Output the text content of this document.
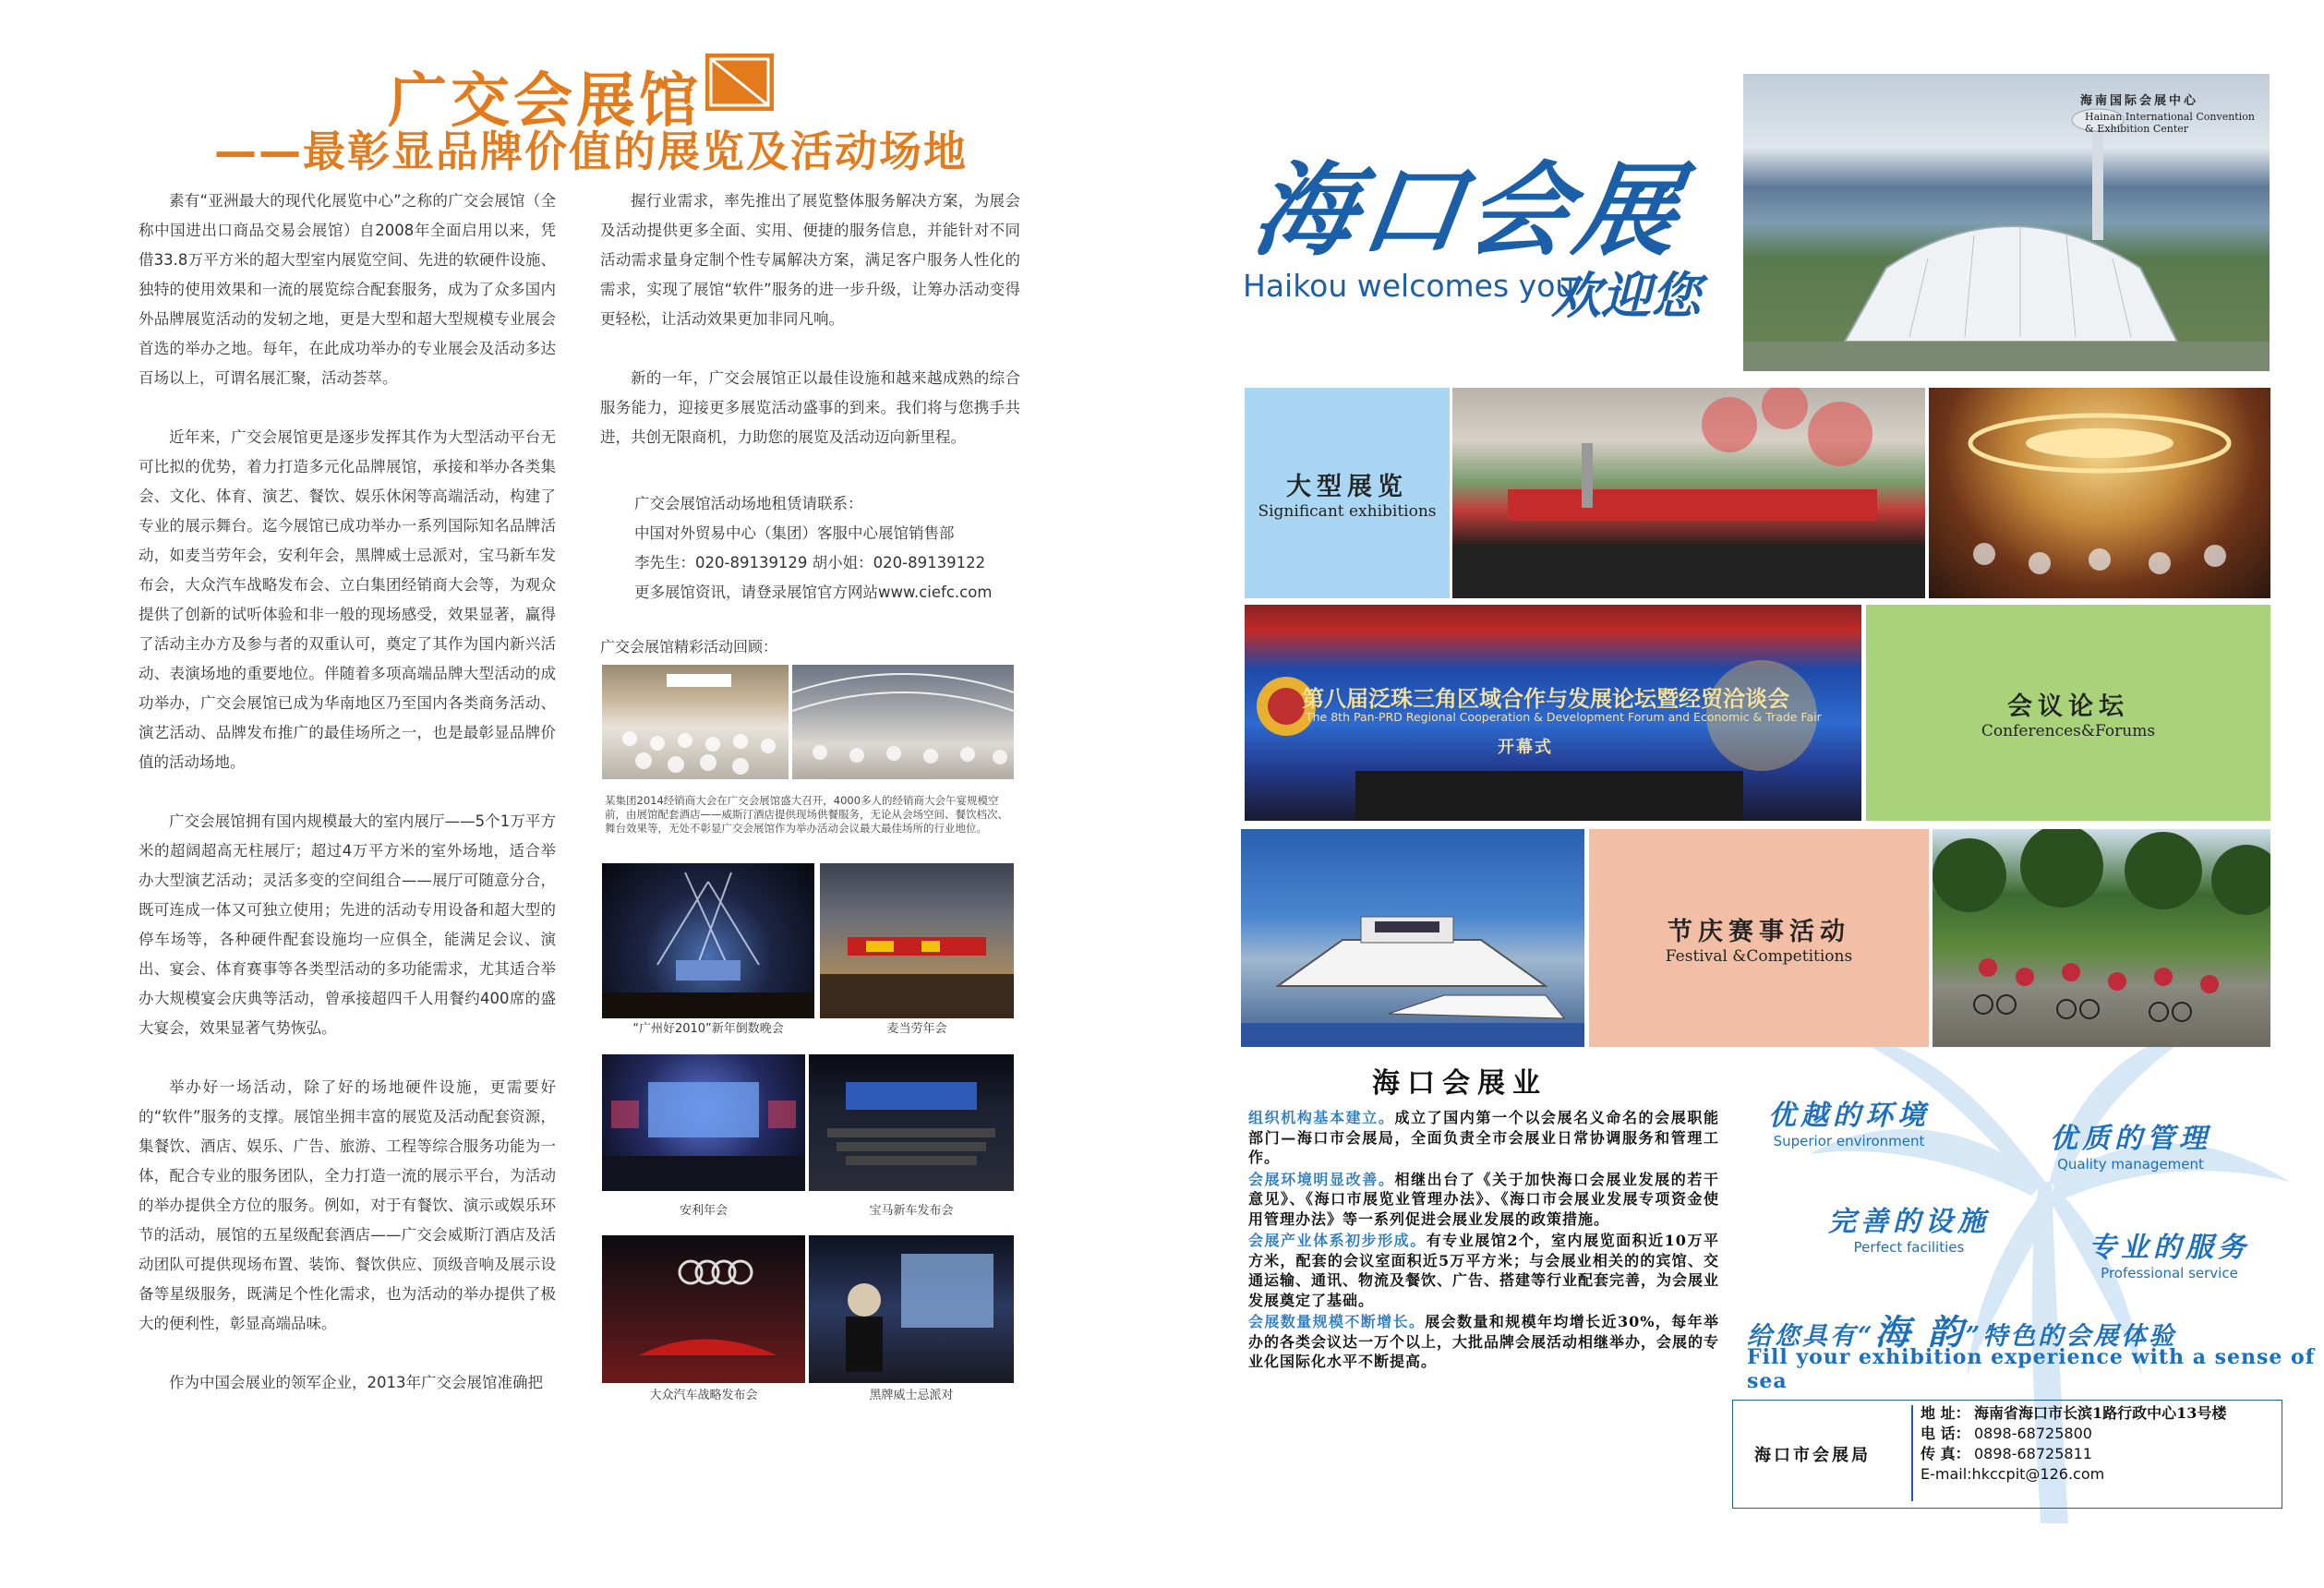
广交会展馆
——最彰显品牌价值的展览及活动场地

素有“亚洲最大的现代化展览中心”之称的广交会展馆（全称中国进出口商品交易会展馆）自2008年全面启用以来，凭借33.8万平方米的超大型室内展览空间、先进的软硬件设施、独特的使用效果和一流的展览综合配套服务，成为了众多国内外品牌展览活动的发轫之地，更是大型和超大型规模专业展会首选的举办之地。每年，在此成功举办的专业展会及活动多达百场以上，可谓名展汇聚，活动荟萃。

近年来，广交会展馆更是逐步发挥其作为大型活动平台无可比拟的优势，着力打造多元化品牌展馆，承接和举办各类集会、文化、体育、演艺、餐饮、娱乐休闲等高端活动，构建了专业的展示舞台。迄今展馆已成功举办一系列国际知名品牌活动，如麦当劳年会，安利年会，黑牌威士忌派对，宝马新车发布会，大众汽车战略发布会、立白集团经销商大会等，为观众提供了创新的试听体验和非一般的现场感受，效果显著，赢得了活动主办方及参与者的双重认可，奠定了其作为国内新兴活动、表演场地的重要地位。伴随着多项高端品牌大型活动的成功举办，广交会展馆已成为华南地区乃至国内各类商务活动、演艺活动、品牌发布推广的最佳场所之一，也是最彰显品牌价值的活动场地。

广交会展馆拥有国内规模最大的室内展厅——5个1万平方米的超阔超高无柱展厅；超过4万平方米的室外场地，适合举办大型演艺活动；灵活多变的空间组合——展厅可随意分合，既可连成一体又可独立使用；先进的活动专用设备和超大型的停车场等，各种硬件配套设施均一应俱全，能满足会议、演出、宴会、体育赛事等各类型活动的多功能需求，尤其适合举办大规模宴会庆典等活动，曾承接超四千人用餐约400席的盛大宴会，效果显著气势恢弘。

举办好一场活动，除了好的场地硬件设施，更需要好的“软件”服务的支撑。展馆坐拥丰富的展览及活动配套资源，集餐饮、酒店、娱乐、广告、旅游、工程等综合服务功能为一体，配合专业的服务团队，全力打造一流的展示平台，为活动的举办提供全方位的服务。例如，对于有餐饮、演示或娱乐环节的活动，展馆的五星级配套酒店——广交会威斯汀酒店及活动团队可提供现场布置、装饰、餐饮供应、顶级音响及展示设备等星级服务，既满足个性化需求，也为活动的举办提供了极大的便利性，彰显高端品味。

作为中国会展业的领军企业，2013年广交会展馆准确把

握行业需求，率先推出了展览整体服务解决方案，为展会及活动提供更多全面、实用、便捷的服务信息，并能针对不同活动需求量身定制个性专属解决方案，满足客户服务人性化的需求，实现了展馆“软件”服务的进一步升级，让筹办活动变得更轻松，让活动效果更加非同凡响。

新的一年，广交会展馆正以最佳设施和越来越成熟的综合服务能力，迎接更多展览活动盛事的到来。我们将与您携手共进，共创无限商机，力助您的展览及活动迈向新里程。

广交会展馆活动场地租赁请联系：
中国对外贸易中心（集团）客服中心展馆销售部
李先生：020-89139129 胡小姐：020-89139122
更多展馆资讯，请登录展馆官方网站www.ciefc.com
广交会展馆精彩活动回顾：
某集团2014经销商大会在广交会展馆盛大召开，4000多人的经销商大会午宴规模空前，由展馆配套酒店——威斯汀酒店提供现场供餐服务，无论从会场空间、餐饮档次、舞台效果等，无处不彰显广交会展馆作为举办活动会议最大最佳场所的行业地位。
“广州好2010”新年倒数晚会	麦当劳年会
安利年会	宝马新车发布会
大众汽车战略发布会	黑牌威士忌派对
海口会展
Haikou welcomes you
欢迎您
海南国际会展中心
Hainan International Convention & Exhibition Center
大型展览
Significant exhibitions
第八届泛珠三角区域合作与发展论坛暨经贸洽谈会
The 8th Pan-PRD Regional Cooperation & Development Forum and Economic & Trade Fair
开幕式
会议论坛
Conferences&Forums
节庆赛事活动
Festival &Competitions
海口会展业

组织机构基本建立。成立了国内第一个以会展名义命名的会展职能部门—海口市会展局，全面负责全市会展业日常协调服务和管理工作。

会展环境明显改善。相继出台了《关于加快海口会展业发展的若干意见》、《海口市展览业管理办法》、《海口市会展业发展专项资金使用管理办法》等一系列促进会展业发展的政策措施。

会展产业体系初步形成。有专业展馆2个，室内展览面积近10万平方米，配套的会议室面积近5万平方米；与会展业相关的的宾馆、交通运输、通讯、物流及餐饮、广告、搭建等行业配套完善，为会展业发展奠定了基础。

会展数量规模不断增长。展会数量和规模年均增长近30%，每年举办的各类会议达一万个以上，大批品牌会展活动相继举办，会展的专业化国际化水平不断提高。

优越的环境
Superior environment	优质的管理
Quality management
完善的设施
Perfect facilities	专业的服务
Professional service
给您具有“海 韵”特色的会展体验
Fill your exhibition experience with a sense of sea
海口市会展局
地 址： 海南省海口市长滨1路行政中心13号楼
电 话： 0898-68725800
传 真： 0898-68725811
E-mail:hkccpit@126.com
